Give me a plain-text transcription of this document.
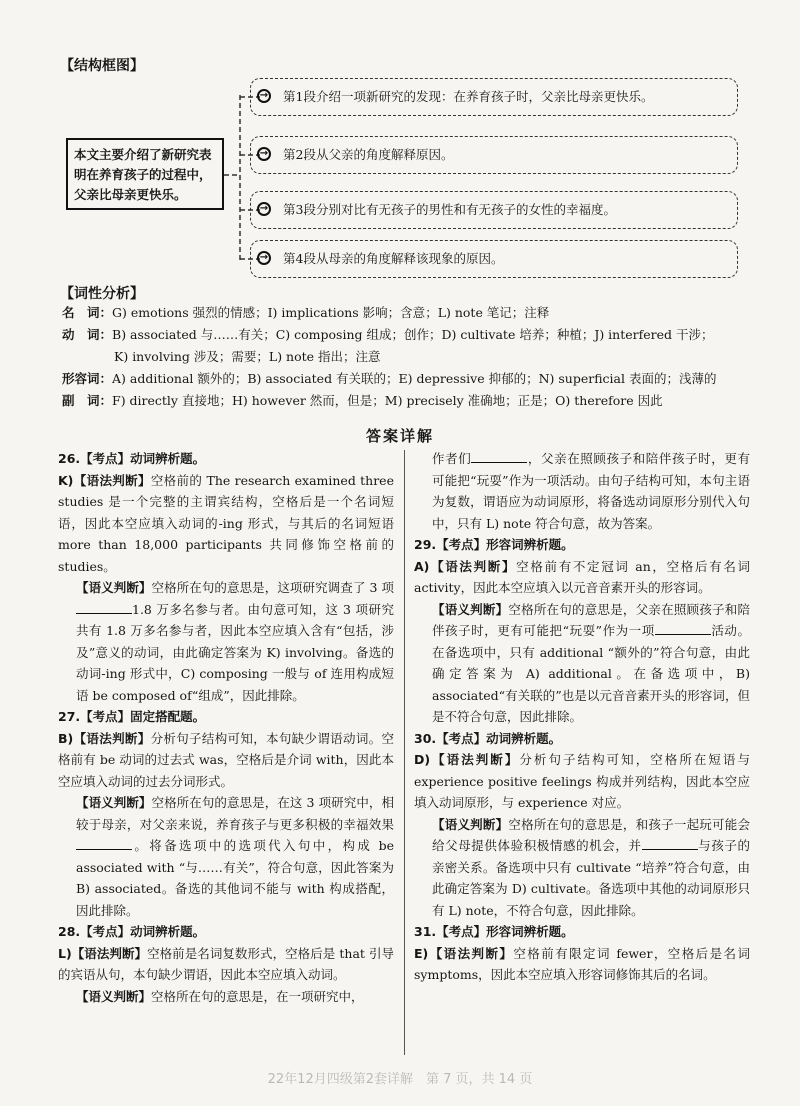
【结构框图】
本文主要介绍了新研究表明在养育孩子的过程中，父亲比母亲更快乐。
→ 第1段介绍一项新研究的发现：在养育孩子时，父亲比母亲更快乐。
→ 第2段从父亲的角度解释原因。
→ 第3段分别对比有无孩子的男性和有无孩子的女性的幸福度。
→ 第4段从母亲的角度解释该现象的原因。
【词性分析】
名　词：G) emotions 强烈的情感；I) implications 影响；含意；L) note 笔记；注释
动　词：B) associated 与……有关；C) composing 组成；创作；D) cultivate 培养；种植；J) interfered 干涉；
K) involving 涉及；需要；L) note 指出；注意
形容词：A) additional 额外的；B) associated 有关联的；E) depressive 抑郁的；N) superficial 表面的；浅薄的
副　词：F) directly 直接地；H) however 然而，但是；M) precisely 准确地；正是；O) therefore 因此
答案详解

26.【考点】动词辨析题。

K)【语法判断】空格前的 The research examined three studies 是一个完整的主谓宾结构，空格后是一个名词短语，因此本空应填入动词的-ing 形式，与其后的名词短语 more than 18,000 participants 共同修饰空格前的 studies。

【语义判断】空格所在句的意思是，这项研究调查了 3 项1.8 万多名参与者。由句意可知，这 3 项研究共有 1.8 万多名参与者，因此本空应填入含有“包括，涉及”意义的动词，由此确定答案为 K) involving。备选的动词-ing 形式中，C) composing 一般与 of 连用构成短语 be composed of“组成”，因此排除。

27.【考点】固定搭配题。

B)【语法判断】分析句子结构可知，本句缺少谓语动词。空格前有 be 动词的过去式 was，空格后是介词 with，因此本空应填入动词的过去分词形式。

【语义判断】空格所在句的意思是，在这 3 项研究中，相较于母亲，对父亲来说，养育孩子与更多积极的幸福效果。将备选项中的选项代入句中，构成 be associated with “与……有关”，符合句意，因此答案为 B) associated。备选的其他词不能与 with 构成搭配，因此排除。

28.【考点】动词辨析题。

L)【语法判断】空格前是名词复数形式，空格后是 that 引导的宾语从句，本句缺少谓语，因此本空应填入动词。

【语义判断】空格所在句的意思是，在一项研究中，

作者们	，父亲在照顾孩子和陪伴孩子时，更有可能把“玩耍”作为一项活动。由句子结构可知，本句主语为复数，谓语应为动词原形，将备选动词原形分别代入句中，只有 L) note 符合句意，故为答案。

29.【考点】形容词辨析题。

A)【语法判断】空格前有不定冠词 an，空格后有名词 activity，因此本空应填入以元音音素开头的形容词。

【语义判断】空格所在句的意思是，父亲在照顾孩子和陪伴孩子时，更有可能把“玩耍”作为一项	活动。在备选项中，只有 additional “额外的”符合句意，由此确定答案为 A) additional。在备选项中，B) associated“有关联的”也是以元音音素开头的形容词，但是不符合句意，因此排除。

30.【考点】动词辨析题。

D)【语法判断】分析句子结构可知，空格所在短语与 experience positive feelings 构成并列结构，因此本空应填入动词原形，与 experience 对应。

【语义判断】空格所在句的意思是，和孩子一起玩可能会给父母提供体验积极情感的机会，并	与孩子的亲密关系。备选项中只有 cultivate “培养”符合句意，由此确定答案为 D) cultivate。备选项中其他的动词原形只有 L) note，不符合句意，因此排除。

31.【考点】形容词辨析题。

E)【语法判断】空格前有限定词 fewer，空格后是名词 symptoms，因此本空应填入形容词修饰其后的名词。

22年12月四级第2套详解　第 7 页，共 14 页
